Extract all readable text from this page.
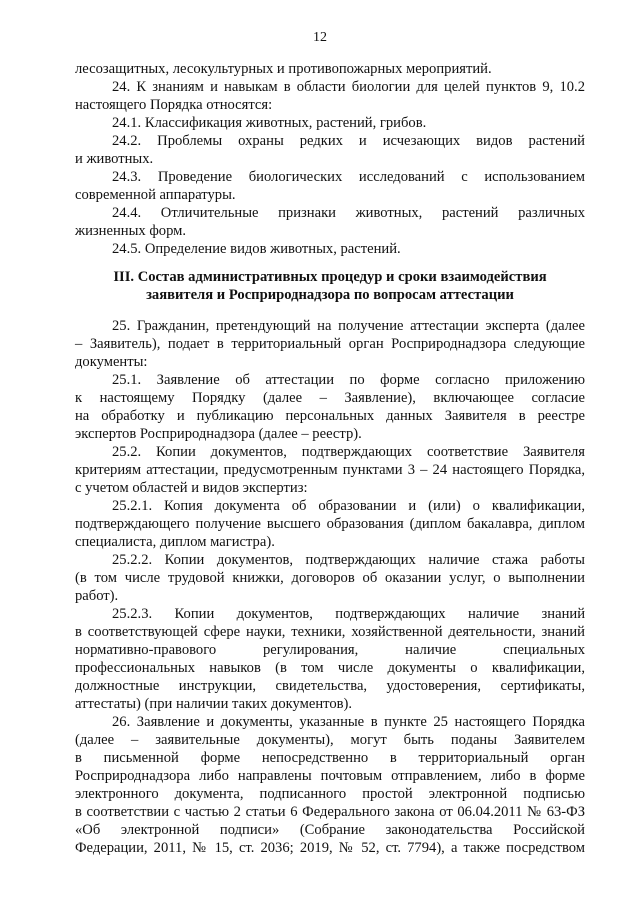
12
лесозащитных, лесокультурных и противопожарных мероприятий.
24. К знаниям и навыкам в области биологии для целей пунктов 9, 10.2
настоящего Порядка относятся:
24.1. Классификация животных, растений, грибов.
24.2. Проблемы охраны редких и исчезающих видов растений
и животных.
24.3. Проведение биологических исследований с использованием
современной аппаратуры.
24.4. Отличительные признаки животных, растений различных
жизненных форм.
24.5. Определение видов животных, растений.
III. Состав административных процедур и сроки взаимодействия
заявителя и Росприроднадзора по вопросам аттестации
25. Гражданин, претендующий на получение аттестации эксперта (далее
– Заявитель), подает в территориальный орган Росприроднадзора следующие
документы:
25.1. Заявление об аттестации по форме согласно приложению
к настоящему Порядку (далее – Заявление), включающее согласие
на обработку и публикацию персональных данных Заявителя в реестре
экспертов Росприроднадзора (далее – реестр).
25.2. Копии документов, подтверждающих соответствие Заявителя
критериям аттестации, предусмотренным пунктами 3 – 24 настоящего Порядка,
с учетом областей и видов экспертиз:
25.2.1. Копия документа об образовании и (или) о квалификации,
подтверждающего получение высшего образования (диплом бакалавра, диплом
специалиста, диплом магистра).
25.2.2. Копии документов, подтверждающих наличие стажа работы
(в том числе трудовой книжки, договоров об оказании услуг, о выполнении
работ).
25.2.3. Копии документов, подтверждающих наличие знаний
в соответствующей сфере науки, техники, хозяйственной деятельности, знаний
нормативно-правового регулирования, наличие специальных
профессиональных навыков (в том числе документы о квалификации,
должностные инструкции, свидетельства, удостоверения, сертификаты,
аттестаты) (при наличии таких документов).
26. Заявление и документы, указанные в пункте 25 настоящего Порядка
(далее – заявительные документы), могут быть поданы Заявителем
в письменной форме непосредственно в территориальный орган
Росприроднадзора либо направлены почтовым отправлением, либо в форме
электронного документа, подписанного простой электронной подписью
в соответствии с частью 2 статьи 6 Федерального закона от 06.04.2011 № 63-ФЗ
«Об электронной подписи» (Собрание законодательства Российской
Федерации, 2011, № 15, ст. 2036; 2019, № 52, ст. 7794), а также посредством
